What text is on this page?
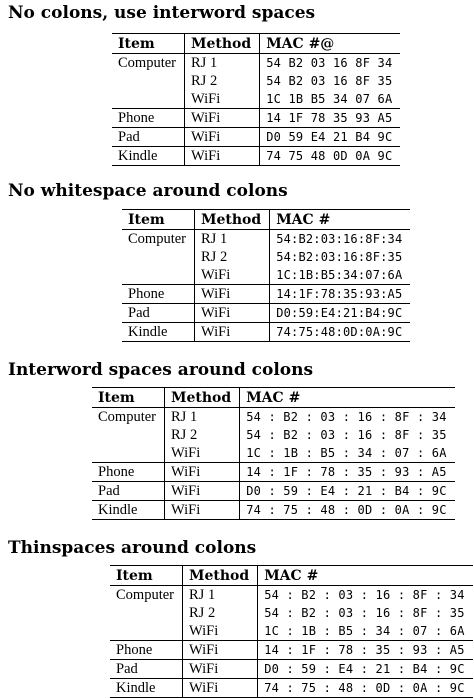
No colons, use interword spaces
Item	Method	MAC #@
Computer	RJ 1	54 B2 03 16 8F 34
	RJ 2	54 B2 03 16 8F 35
	WiFi	1C 1B B5 34 07 6A
Phone	WiFi	14 1F 78 35 93 A5
Pad	WiFi	D0 59 E4 21 B4 9C
Kindle	WiFi	74 75 48 0D 0A 9C
No whitespace around colons
Item	Method	MAC #
Computer	RJ 1	54:B2:03:16:8F:34
	RJ 2	54:B2:03:16:8F:35
	WiFi	1C:1B:B5:34:07:6A
Phone	WiFi	14:1F:78:35:93:A5
Pad	WiFi	D0:59:E4:21:B4:9C
Kindle	WiFi	74:75:48:0D:0A:9C
Interword spaces around colons
Item	Method	MAC #
Computer	RJ 1	54 : B2 : 03 : 16 : 8F : 34
	RJ 2	54 : B2 : 03 : 16 : 8F : 35
	WiFi	1C : 1B : B5 : 34 : 07 : 6A
Phone	WiFi	14 : 1F : 78 : 35 : 93 : A5
Pad	WiFi	D0 : 59 : E4 : 21 : B4 : 9C
Kindle	WiFi	74 : 75 : 48 : 0D : 0A : 9C
Thinspaces around colons
Item	Method	MAC #
Computer	RJ 1	54 : B2 : 03 : 16 : 8F : 34
	RJ 2	54 : B2 : 03 : 16 : 8F : 35
	WiFi	1C : 1B : B5 : 34 : 07 : 6A
Phone	WiFi	14 : 1F : 78 : 35 : 93 : A5
Pad	WiFi	D0 : 59 : E4 : 21 : B4 : 9C
Kindle	WiFi	74 : 75 : 48 : 0D : 0A : 9C
